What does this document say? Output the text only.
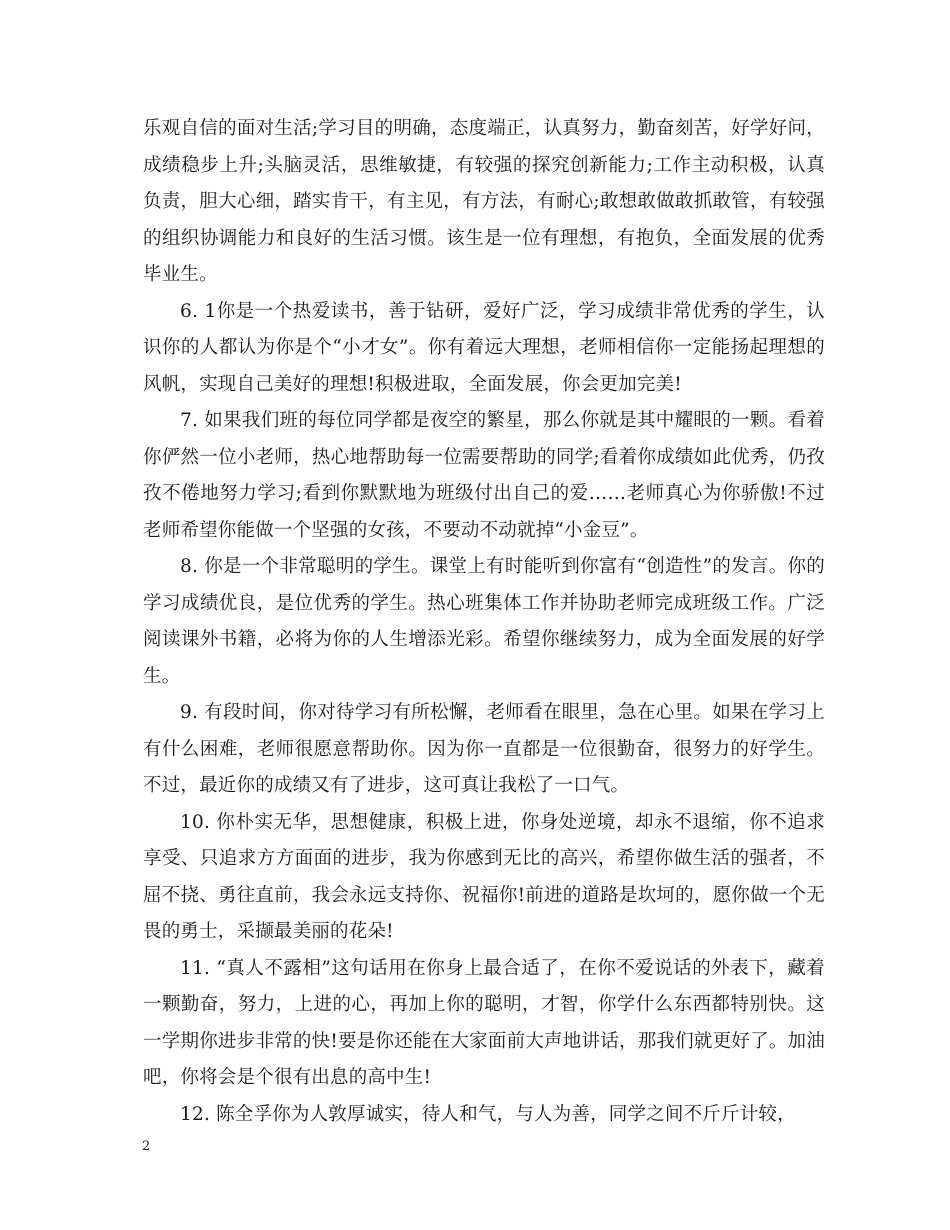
乐观自信的面对生活;学习目的明确，态度端正，认真努力，勤奋刻苦，好学好问，成绩稳步上升;头脑灵活，思维敏捷，有较强的探究创新能力;工作主动积极，认真负责，胆大心细，踏实肯干，有主见，有方法，有耐心;敢想敢做敢抓敢管，有较强的组织协调能力和良好的生活习惯。该生是一位有理想，有抱负，全面发展的优秀毕业生。

6. 1你是一个热爱读书，善于钻研，爱好广泛，学习成绩非常优秀的学生，认识你的人都认为你是个“小才女”。你有着远大理想，老师相信你一定能扬起理想的风帆，实现自己美好的理想!积极进取，全面发展，你会更加完美!

7. 如果我们班的每位同学都是夜空的繁星，那么你就是其中耀眼的一颗。看着你俨然一位小老师，热心地帮助每一位需要帮助的同学;看着你成绩如此优秀，仍孜孜不倦地努力学习;看到你默默地为班级付出自己的爱……老师真心为你骄傲!不过老师希望你能做一个坚强的女孩，不要动不动就掉“小金豆”。

8. 你是一个非常聪明的学生。课堂上有时能听到你富有“创造性”的发言。你的学习成绩优良，是位优秀的学生。热心班集体工作并协助老师完成班级工作。广泛阅读课外书籍，必将为你的人生增添光彩。希望你继续努力，成为全面发展的好学生。

9. 有段时间，你对待学习有所松懈，老师看在眼里，急在心里。如果在学习上有什么困难，老师很愿意帮助你。因为你一直都是一位很勤奋，很努力的好学生。不过，最近你的成绩又有了进步，这可真让我松了一口气。

10. 你朴实无华，思想健康，积极上进，你身处逆境，却永不退缩，你不追求享受、只追求方方面面的进步，我为你感到无比的高兴，希望你做生活的强者，不屈不挠、勇往直前，我会永远支持你、祝福你!前进的道路是坎坷的，愿你做一个无畏的勇士，采撷最美丽的花朵!

11. “真人不露相”这句话用在你身上最合适了，在你不爱说话的外表下，藏着一颗勤奋，努力，上进的心，再加上你的聪明，才智，你学什么东西都特别快。这一学期你进步非常的快!要是你还能在大家面前大声地讲话，那我们就更好了。加油吧，你将会是个很有出息的高中生!

12. 陈全孚你为人敦厚诚实，待人和气，与人为善，同学之间不斤斤计较，

2
